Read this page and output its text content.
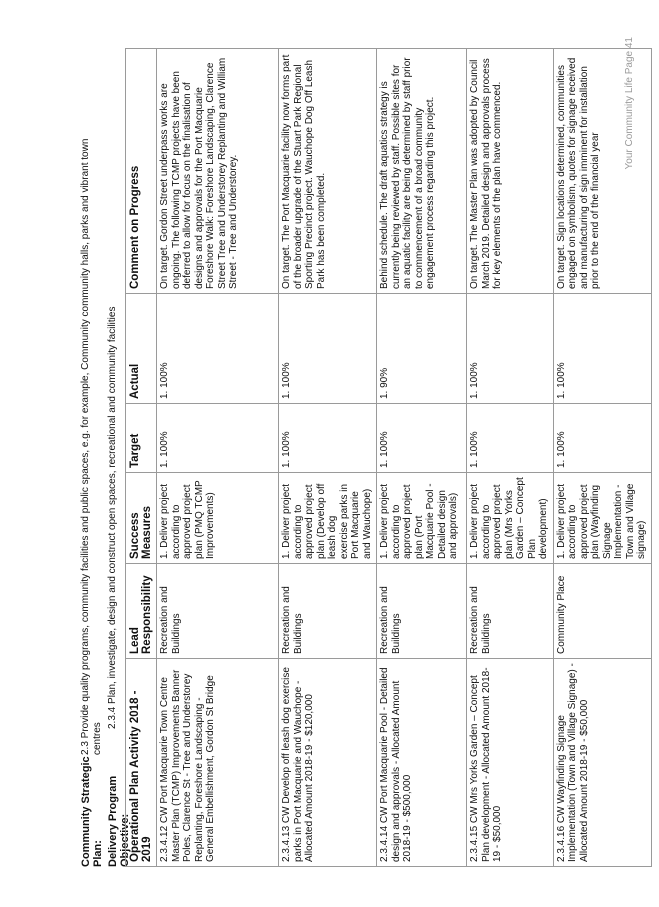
Community Strategic Plan:2.3 Provide quality programs, community facilities and public spaces, e.g. for example, Community community halls, parks and vibrant town centres
Delivery Program Objective:2.3.4 Plan, investigate, design and construct open spaces, recreational and community facilities
Operational Plan Activity 2018 - 2019	Lead Responsibility	Success Measures	Target	Actual	Comment on Progress
2.3.4.12 CW Port Macquarie Town Centre Master Plan (TCMP) Improvements Banner Poles, Clarence St - Tree and Understorey Replanting, Foreshore Landscaping - General Embellishment, Gordon St Bridge	Recreation and Buildings	1. Deliver project according to approved project plan (PMQ TCMP Improvements)	1. 100%	1. 100%	On target. Gordon Street underpass works are ongoing. The following TCMP projects have been deferred to allow for focus on the finalisation of designs and approvals for the Port Macquarie Foreshore Walk: Foreshore Landscaping, Clarence Street Tree and Understorey Replanting and William Street - Tree and Understorey.
2.3.4.13 CW Develop off leash dog exercise parks in Port Macquarie and Wauchope - Allocated Amount 2018-19 - $120,000	Recreation and Buildings	1. Deliver project according to approved project plan (Develop off leash dog exercise parks in Port Macquarie and Wauchope)	1. 100%	1. 100%	On target. The Port Macquarie facility now forms part of the broader upgrade of the Stuart Park Regional Sporting Precinct project. Wauchope Dog Off Leash Park has been completed.
2.3.4.14 CW Port Macquarie Pool - Detailed design and approvals - Allocated Amount 2018-19 - $500,000	Recreation and Buildings	1. Deliver project according to approved project plan (Port Macquarie Pool - Detailed design and approvals)	1. 100%	1. 90%	Behind schedule. The draft aquatics strategy is currently being reviewed by staff. Possible sites for an aquatic facility are being determined by staff prior to commencement of a broad community engagement process regarding this project.
2.3.4.15 CW Mrs Yorks Garden – Concept Plan development - Allocated Amount 2018-19 - $50,000	Recreation and Buildings	1. Deliver project according to approved project plan (Mrs Yorks Garden – Concept Plan development)	1. 100%	1. 100%	On target. The Master Plan was adopted by Council March 2019. Detailed design and approvals process for key elements of the plan have commenced.
2.3.4.16 CW Wayfinding Signage Implementation (Town and Village Signage) - Allocated Amount 2018-19 - $50,000	Community Place	1. Deliver project according to approved project plan (Wayfinding Signage Implementation - Town and Village signage)	1. 100%	1. 100%	On target. Sign locations determined, communities engaged on symbolism, quotes for signage received and manufacturing of sign imminent for installation prior to the end of the financial year
Your Community Life Page 41
